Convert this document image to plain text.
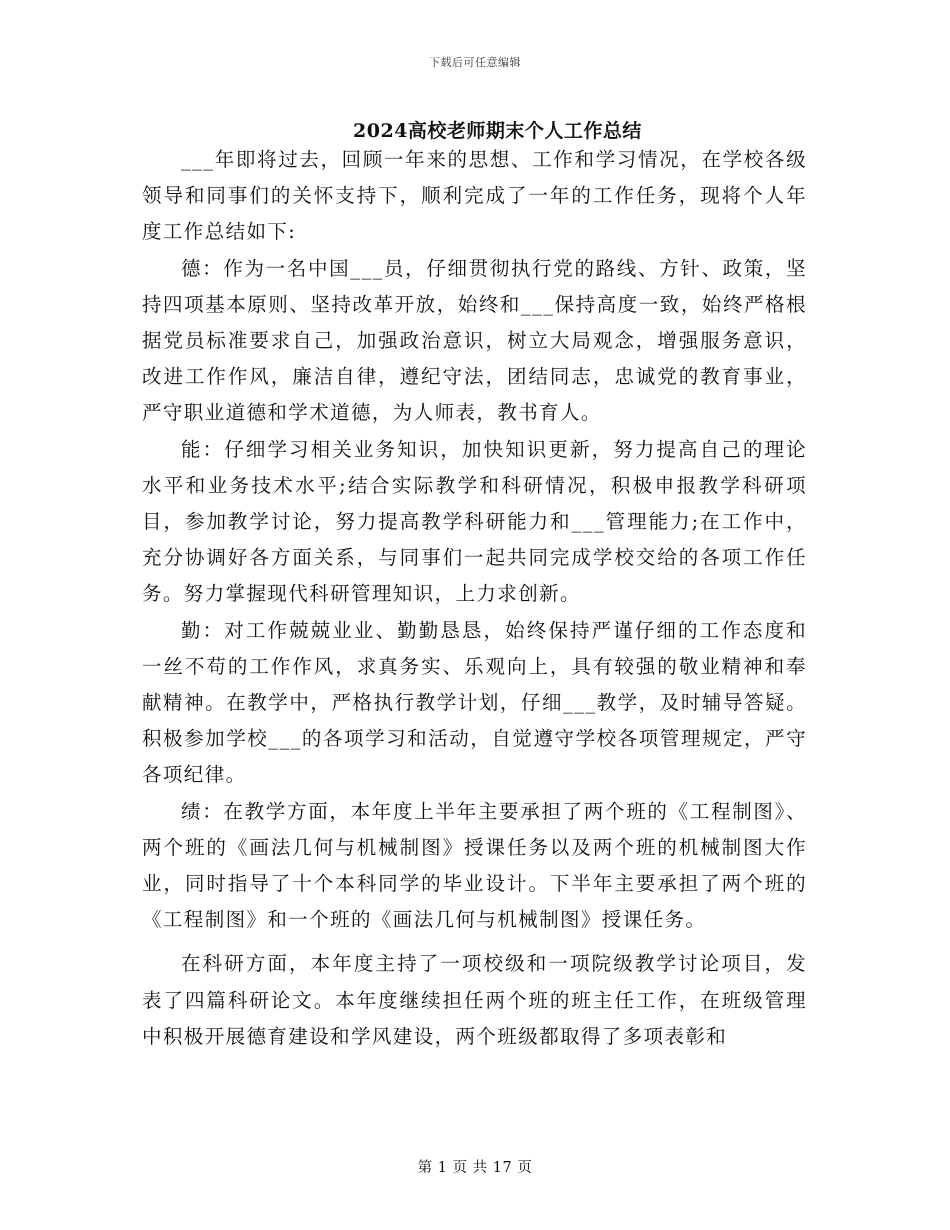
下载后可任意编辑
2024高校老师期末个人工作总结

___年即将过去，回顾一年来的思想、工作和学习情况，在学校各级领导和同事们的关怀支持下，顺利完成了一年的工作任务，现将个人年度工作总结如下:

德：作为一名中国___员，仔细贯彻执行党的路线、方针、政策，坚持四项基本原则、坚持改革开放，始终和___保持高度一致，始终严格根据党员标准要求自己，加强政治意识，树立大局观念，增强服务意识，改进工作作风，廉洁自律，遵纪守法，团结同志，忠诚党的教育事业，严守职业道德和学术道德，为人师表，教书育人。

能：仔细学习相关业务知识，加快知识更新，努力提高自己的理论水平和业务技术水平;结合实际教学和科研情况，积极申报教学科研项目，参加教学讨论，努力提高教学科研能力和___管理能力;在工作中，充分协调好各方面关系，与同事们一起共同完成学校交给的各项工作任务。努力掌握现代科研管理知识，上力求创新。

勤：对工作兢兢业业、勤勤恳恳，始终保持严谨仔细的工作态度和一丝不苟的工作作风，求真务实、乐观向上，具有较强的敬业精神和奉献精神。在教学中，严格执行教学计划，仔细___教学，及时辅导答疑。积极参加学校___的各项学习和活动，自觉遵守学校各项管理规定，严守各项纪律。

绩：在教学方面，本年度上半年主要承担了两个班的《工程制图》、两个班的《画法几何与机械制图》授课任务以及两个班的机械制图大作业，同时指导了十个本科同学的毕业设计。下半年主要承担了两个班的《工程制图》和一个班的《画法几何与机械制图》授课任务。

在科研方面，本年度主持了一项校级和一项院级教学讨论项目，发表了四篇科研论文。本年度继续担任两个班的班主任工作，在班级管理中积极开展德育建设和学风建设，两个班级都取得了多项表彰和

第 1 页 共 17 页
